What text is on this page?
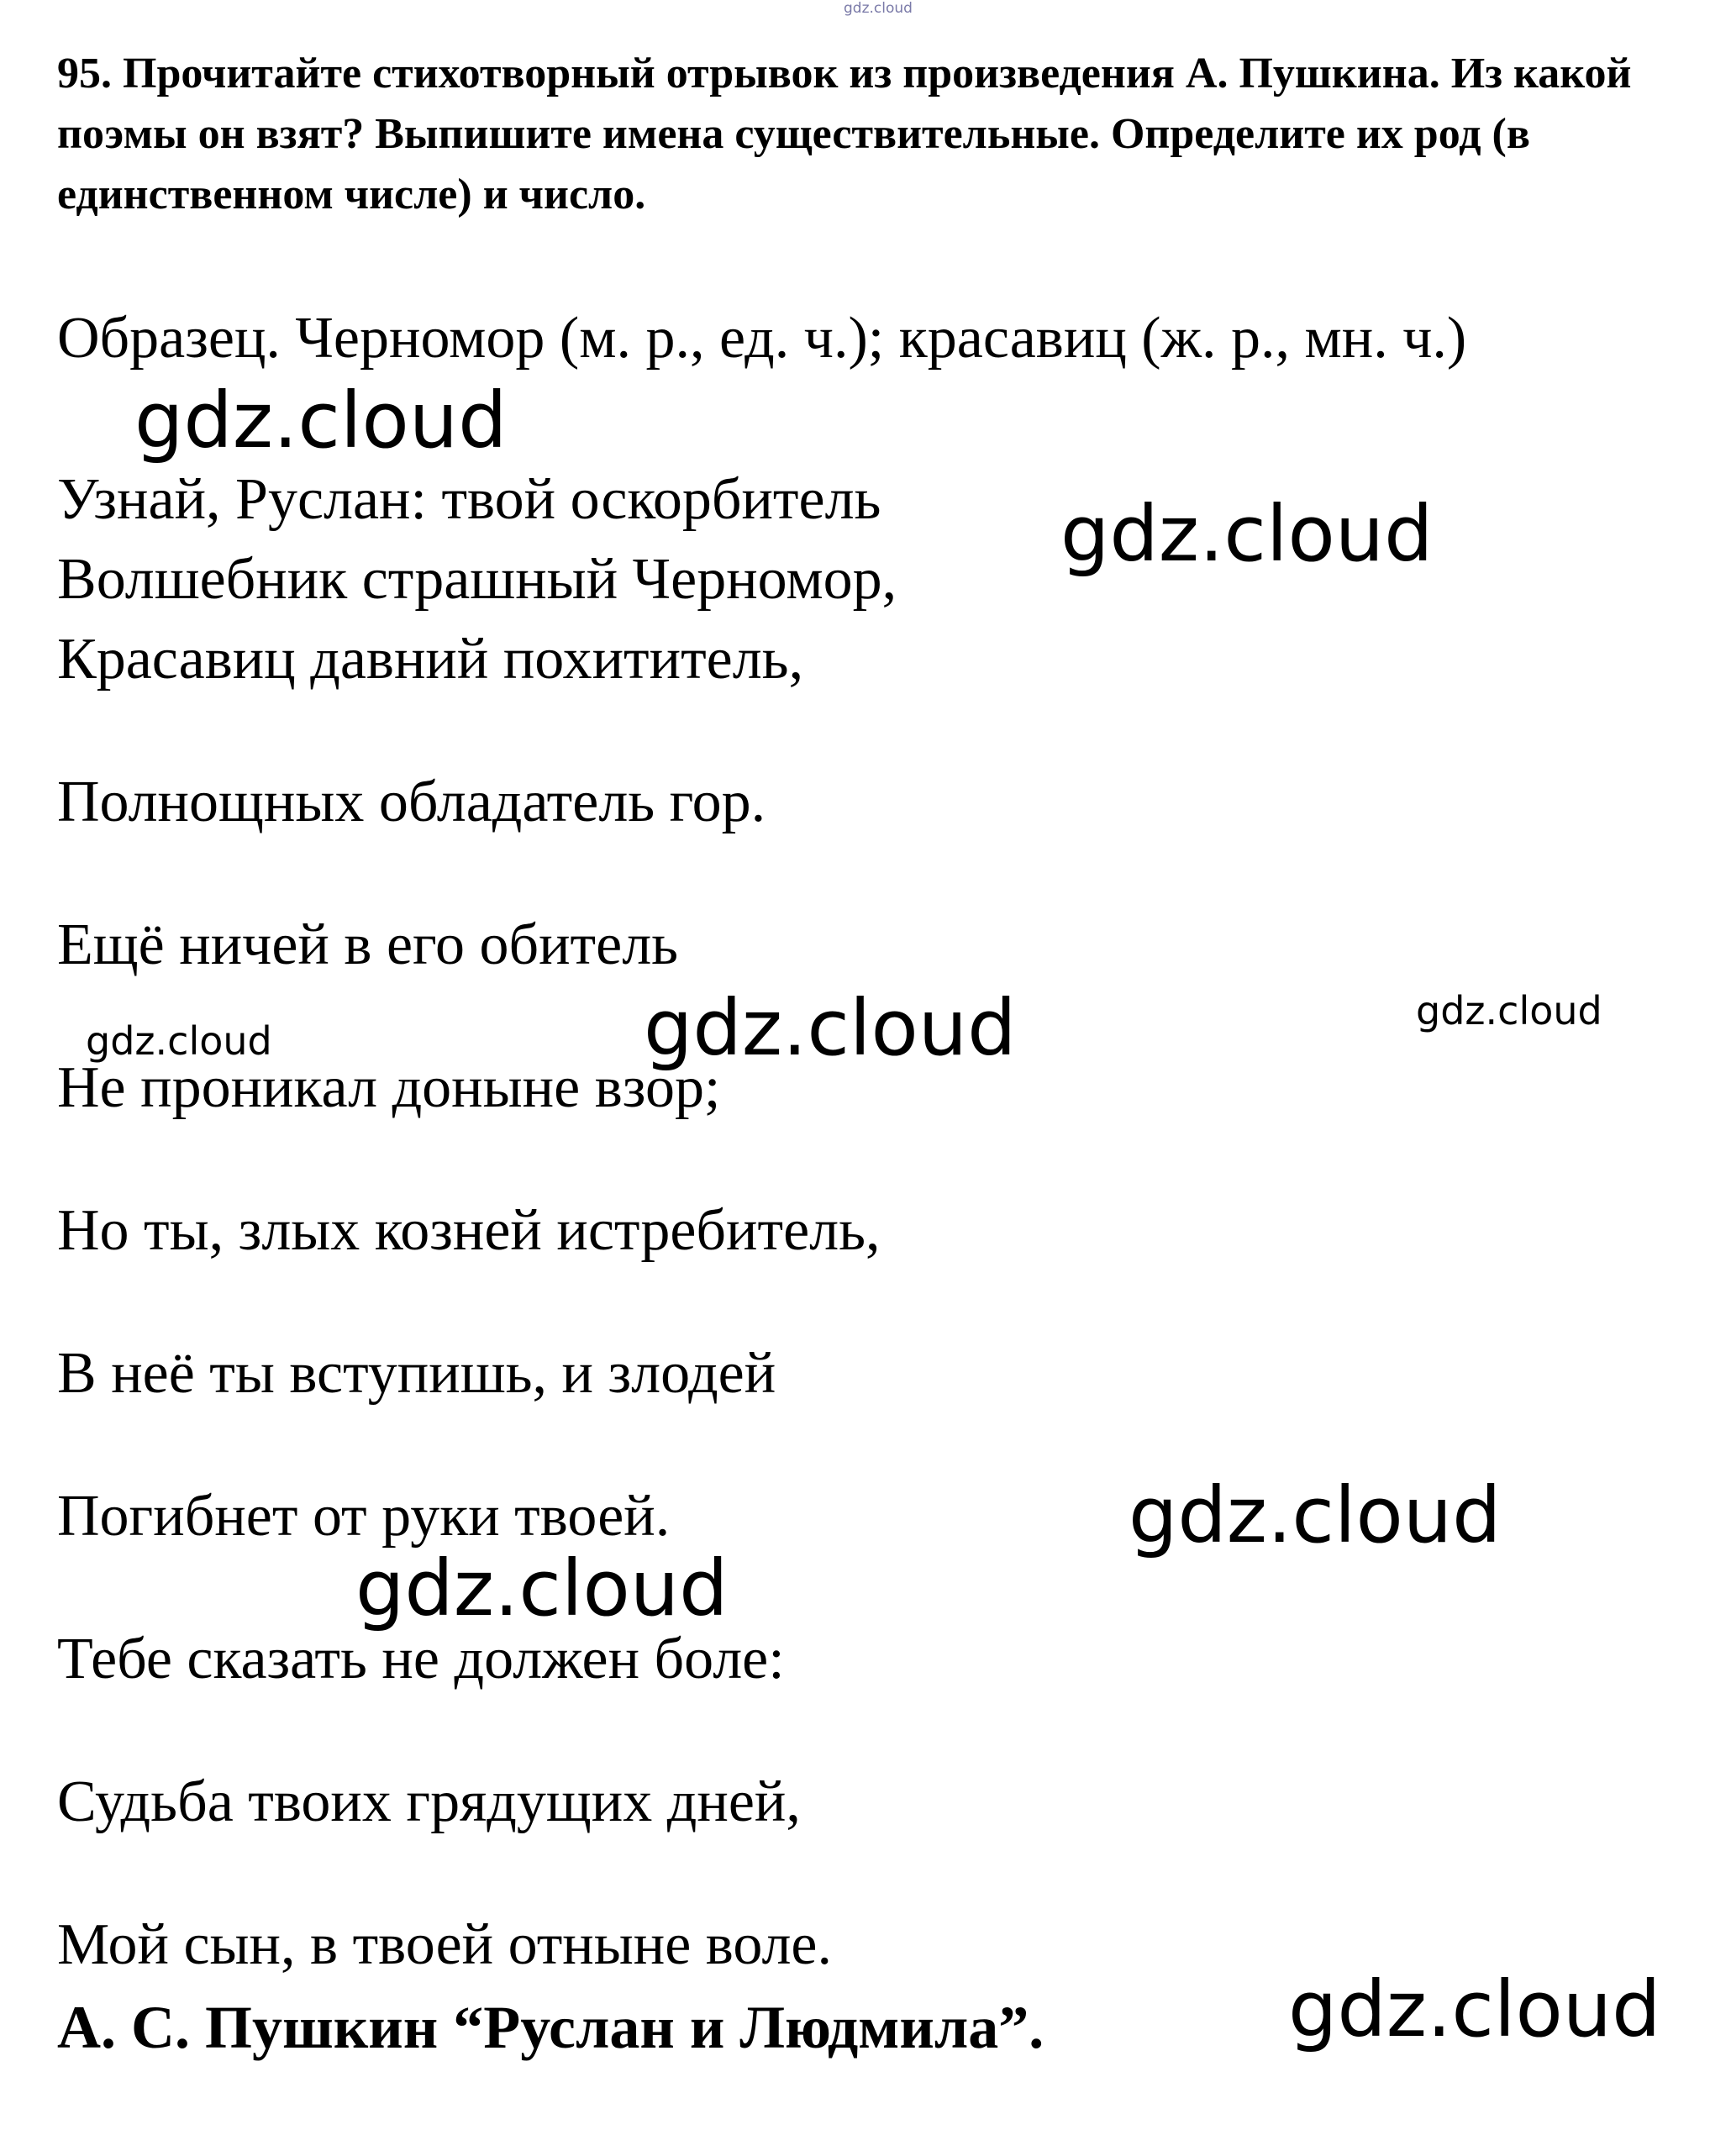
95. Прочитайте стихотворный отрывок из произведения А. Пушкина. Из какой поэмы он взят? Выпишите имена существительные. Определите их род (в единственном числе) и число.

Образец. Черномор (м. р., ед. ч.); красавиц (ж. р., мн. ч.)

Узнай, Руслан: твой оскорбитель

Волшебник страшный Черномор,

Красавиц давний похититель,

Полнощных обладатель гор.

Ещё ничей в его обитель

Не проникал доныне взор;

Но ты, злых козней истребитель,

В неё ты вступишь, и злодей

Погибнет от руки твоей.

Тебе сказать не должен боле:

Судьба твоих грядущих дней,

Мой сын, в твоей отныне воле.

А. С. Пушкин “Руслан и Людмила”.

gdz.cloud
gdz.cloud
gdz.cloud
gdz.cloud	gdz.cloud	gdz.cloud
gdz.cloud
gdz.cloud
gdz.cloud
